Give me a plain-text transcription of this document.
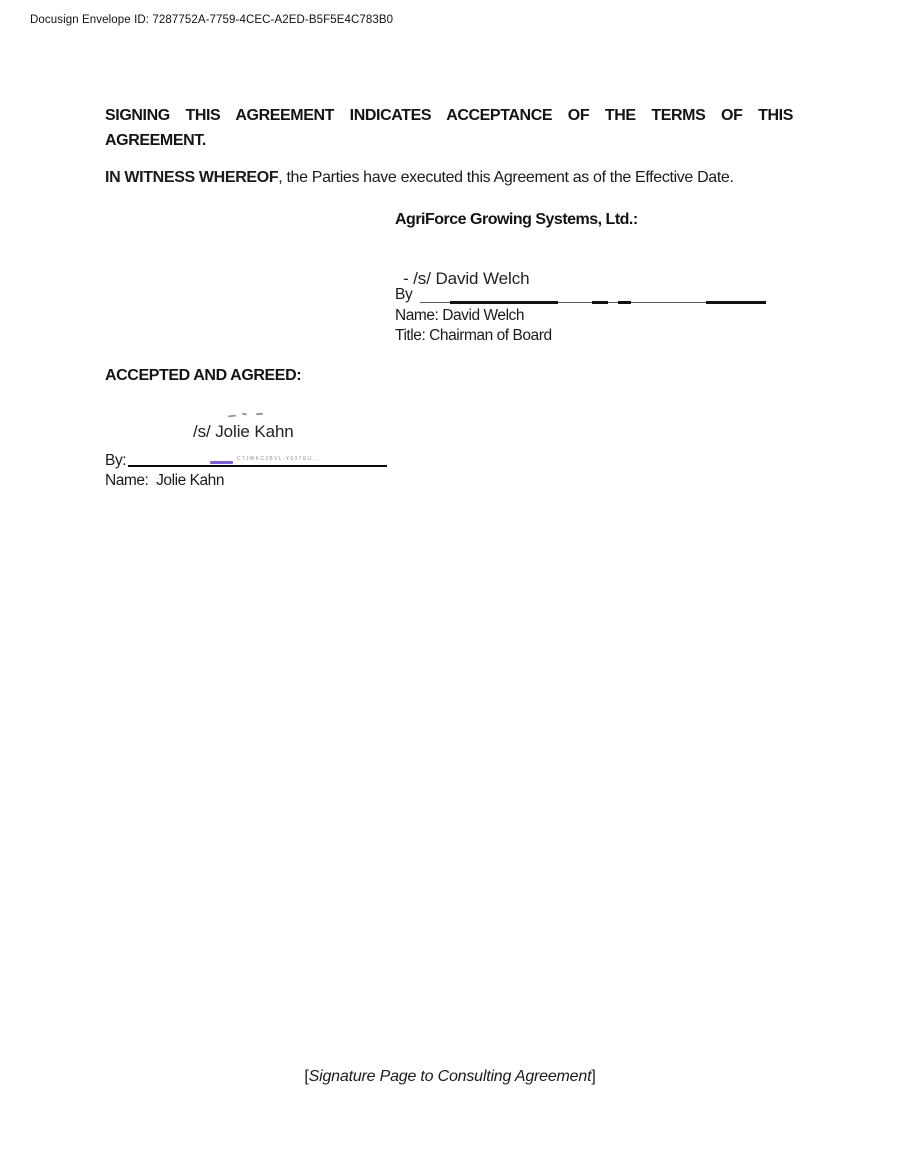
Docusign Envelope ID: 7287752A-7759-4CEC-A2ED-B5F5E4C783B0
SIGNING THIS AGREEMENT INDICATES ACCEPTANCE OF THE TERMS OF THIS
AGREEMENT.
IN WITNESS WHEREOF, the Parties have executed this Agreement as of the Effective Date.
AgriForce Growing Systems, Ltd.:
- /s/ David Welch
By
Name: David Welch
Title: Chairman of Board
ACCEPTED AND AGREED:
/s/ Jolie Kahn
By:	C7JWKC2BVL-Y037GU...
Name:  Jolie Kahn
[Signature Page to Consulting Agreement]
